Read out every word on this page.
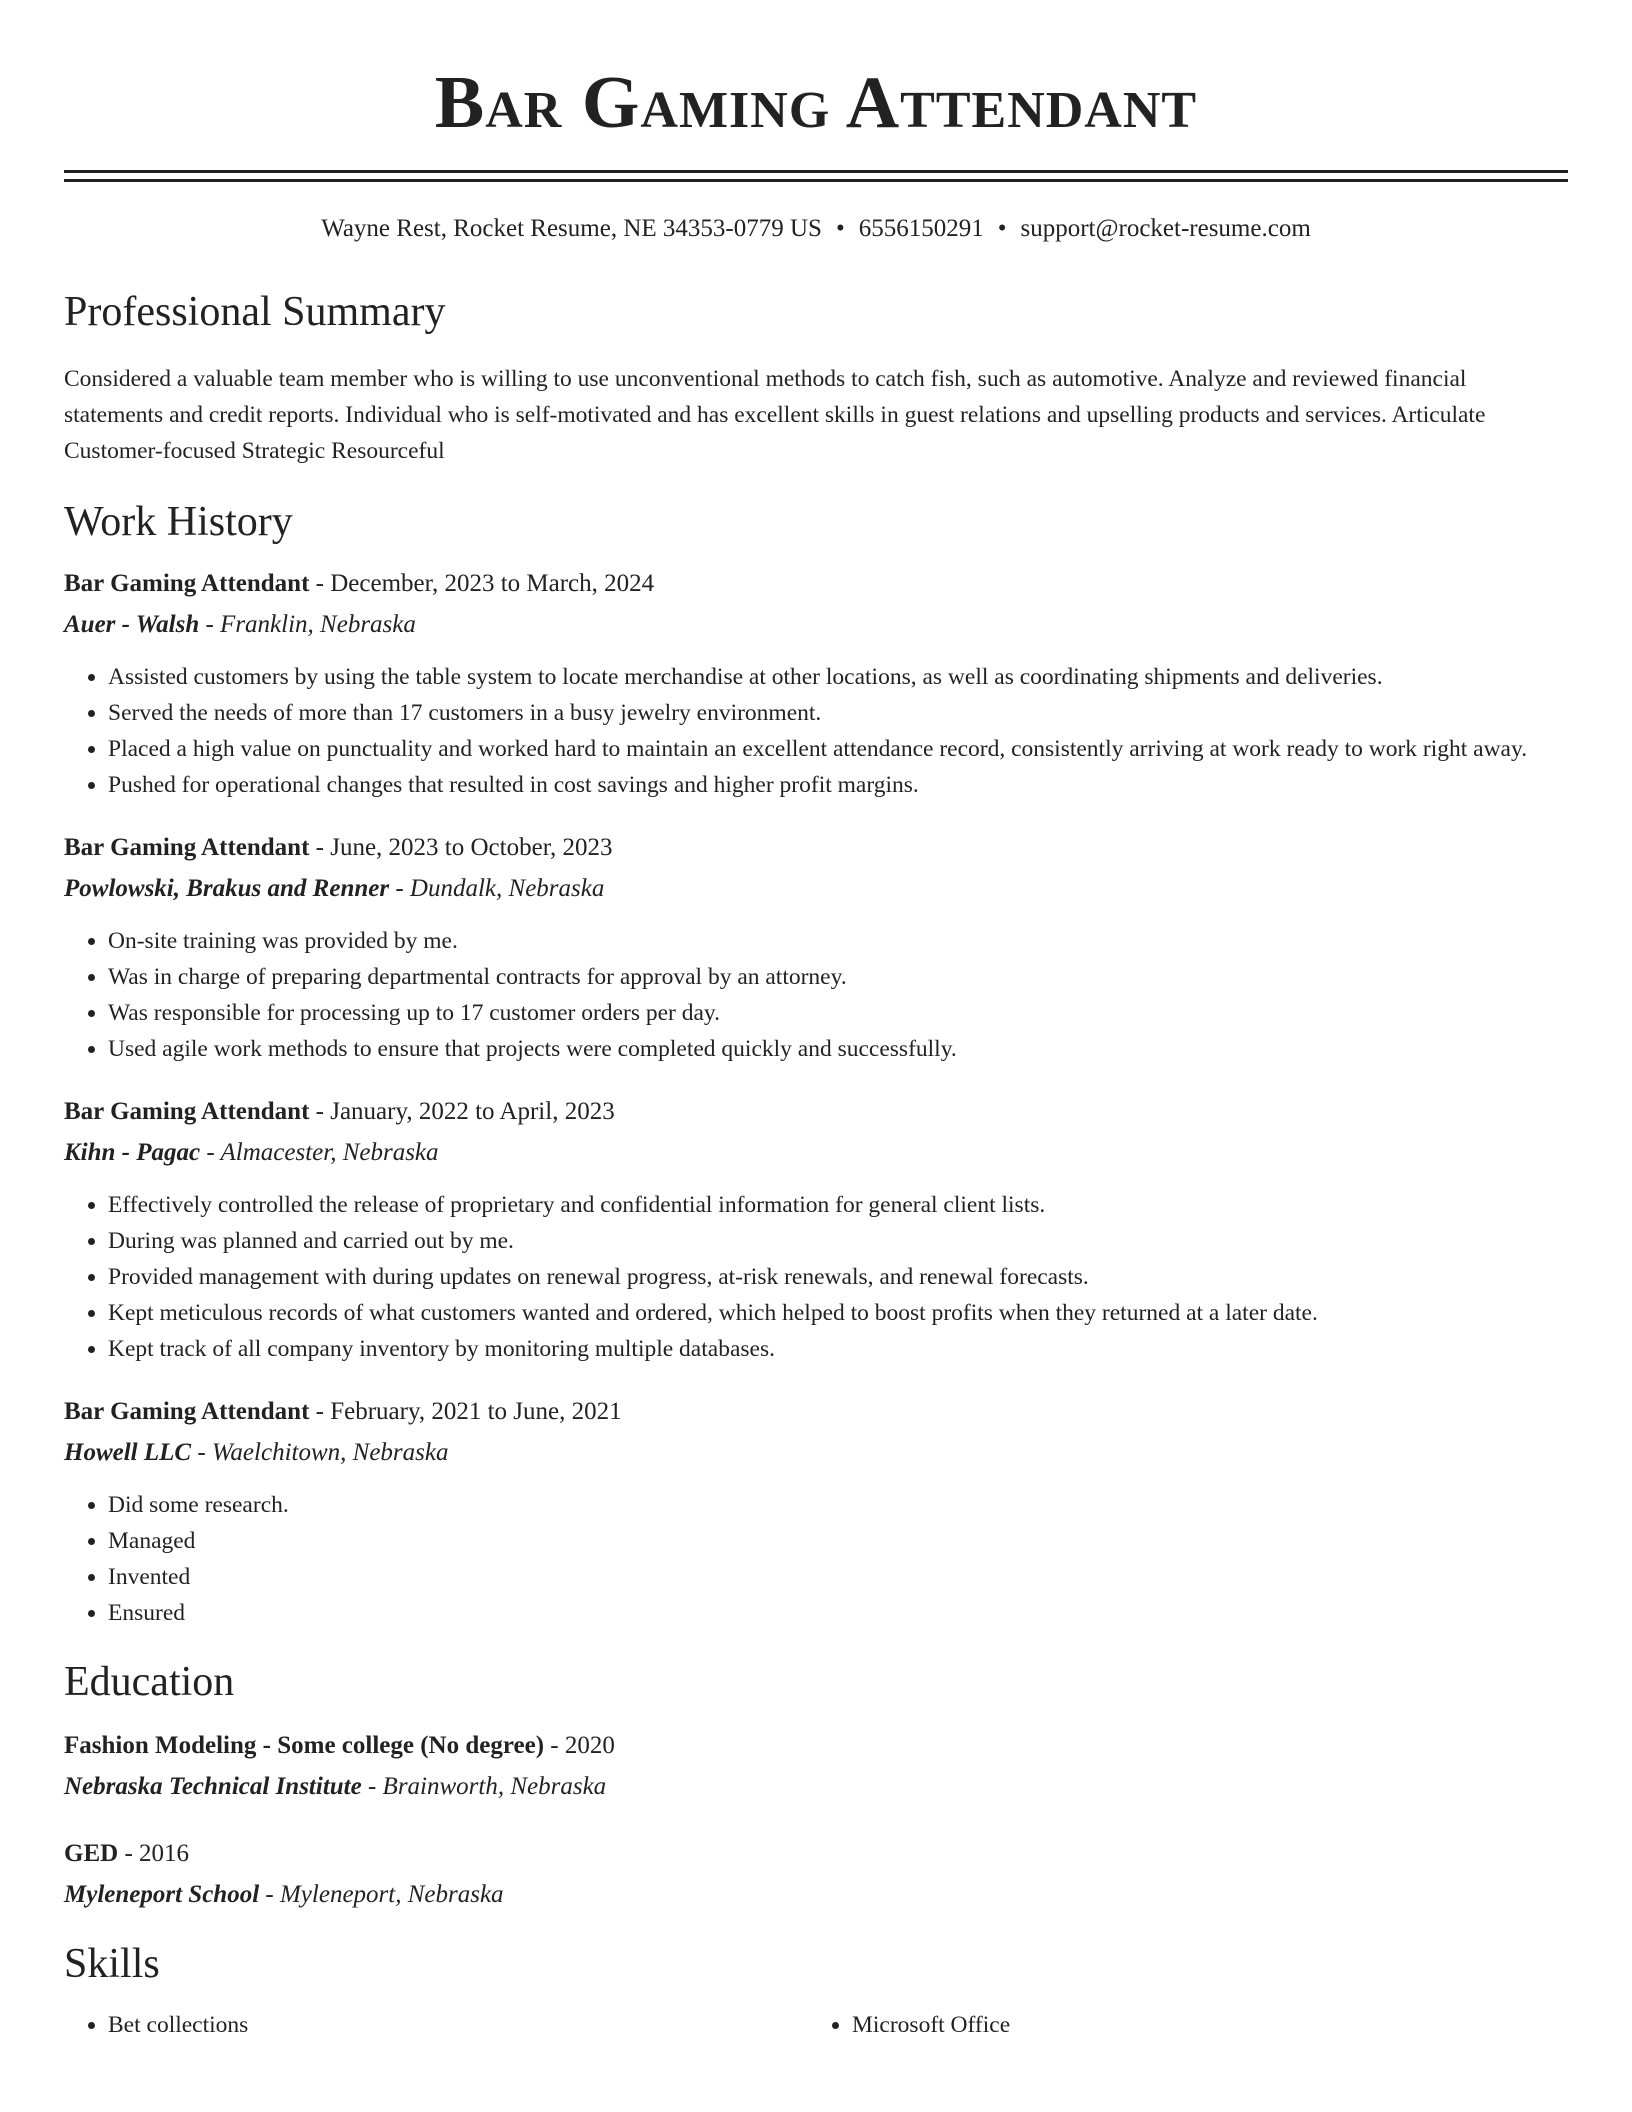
Bar Gaming Attendant
Wayne Rest, Rocket Resume, NE 34353-0779 US • 6556150291 • support@rocket-resume.com
Professional Summary
Considered a valuable team member who is willing to use unconventional methods to catch fish, such as automotive. Analyze and reviewed financial statements and credit reports. Individual who is self-motivated and has excellent skills in guest relations and upselling products and services. Articulate Customer-focused Strategic Resourceful
Work History
Bar Gaming Attendant - December, 2023 to March, 2024
Auer - Walsh - Franklin, Nebraska
• Assisted customers by using the table system to locate merchandise at other locations, as well as coordinating shipments and deliveries.
• Served the needs of more than 17 customers in a busy jewelry environment.
• Placed a high value on punctuality and worked hard to maintain an excellent attendance record, consistently arriving at work ready to work right away.
• Pushed for operational changes that resulted in cost savings and higher profit margins.
Bar Gaming Attendant - June, 2023 to October, 2023
Powlowski, Brakus and Renner - Dundalk, Nebraska
• On-site training was provided by me.
• Was in charge of preparing departmental contracts for approval by an attorney.
• Was responsible for processing up to 17 customer orders per day.
• Used agile work methods to ensure that projects were completed quickly and successfully.
Bar Gaming Attendant - January, 2022 to April, 2023
Kihn - Pagac - Almacester, Nebraska
• Effectively controlled the release of proprietary and confidential information for general client lists.
• During was planned and carried out by me.
• Provided management with during updates on renewal progress, at-risk renewals, and renewal forecasts.
• Kept meticulous records of what customers wanted and ordered, which helped to boost profits when they returned at a later date.
• Kept track of all company inventory by monitoring multiple databases.
Bar Gaming Attendant - February, 2021 to June, 2021
Howell LLC - Waelchitown, Nebraska
• Did some research.
• Managed
• Invented
• Ensured
Education
Fashion Modeling - Some college (No degree) - 2020
Nebraska Technical Institute - Brainworth, Nebraska
GED - 2016
Myleneport School - Myleneport, Nebraska
Skills
• Bet collections
•	Microsoft Office
